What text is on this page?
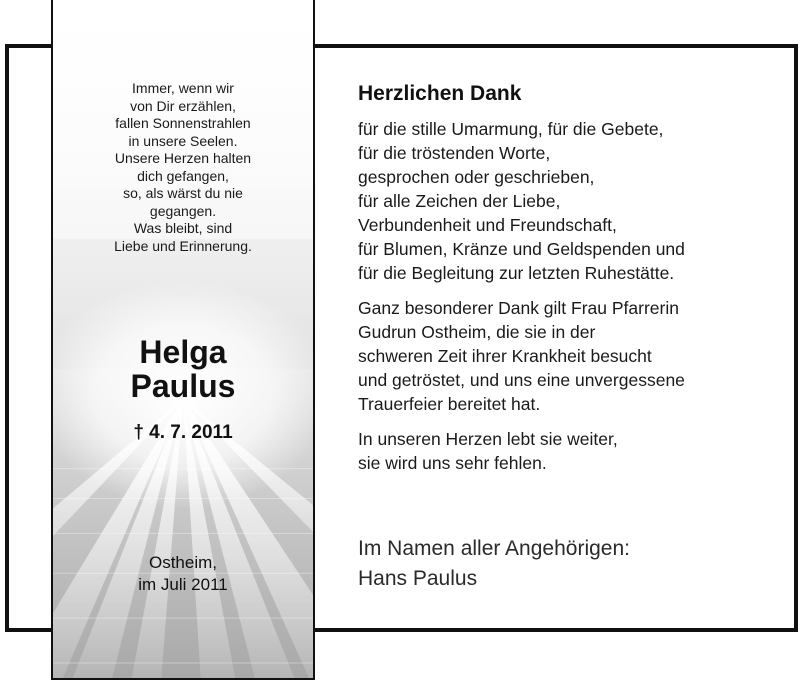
Immer, wenn wir
von Dir erzählen,
fallen Sonnenstrahlen
in unsere Seelen.
Unsere Herzen halten
dich gefangen,
so, als wärst du nie
gegangen.
Was bleibt, sind
Liebe und Erinnerung.
Helga
Paulus
† 4. 7. 2011
Ostheim,
im Juli 2011
Herzlichen Dank
für die stille Umarmung, für die Gebete,
für die tröstenden Worte,
gesprochen oder geschrieben,
für alle Zeichen der Liebe,
Verbundenheit und Freundschaft,
für Blumen, Kränze und Geldspenden und
für die Begleitung zur letzten Ruhestätte.
Ganz besonderer Dank gilt Frau Pfarrerin
Gudrun Ostheim, die sie in der
schweren Zeit ihrer Krankheit besucht
und getröstet, und uns eine unvergessene
Trauerfeier bereitet hat.
In unseren Herzen lebt sie weiter,
sie wird uns sehr fehlen.
Im Namen aller Angehörigen:
Hans Paulus
